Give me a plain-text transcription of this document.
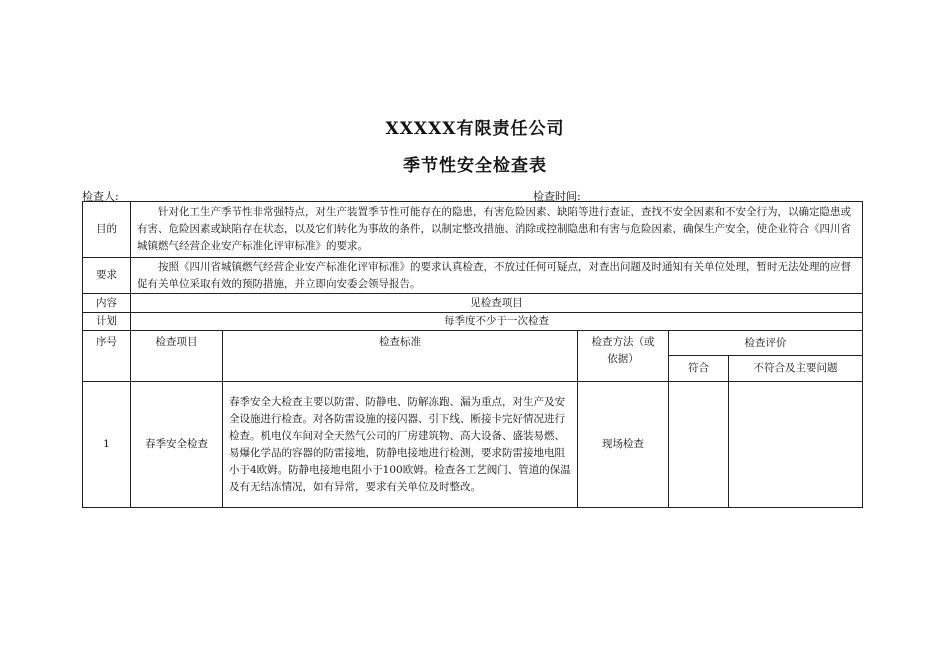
XXXXX有限责任公司
季节性安全检查表
检查人:	检查时间:
目的	针对化工生产季节性非常强特点，对生产装置季节性可能存在的隐患，有害危险因素、缺陷等进行查证，查找不安全因素和不安全行为，以确定隐患或有害、危险因素或缺陷存在状态，以及它们转化为事故的条件，以制定整改措施、消除或控制隐患和有害与危险因素，确保生产安全，使企业符合《四川省城镇燃气经营企业安产标准化评审标准》的要求。				
要求	按照《四川省城镇燃气经营企业安产标准化评审标准》的要求认真检查，不放过任何可疑点，对查出问题及时通知有关单位处理，暂时无法处理的应督促有关单位采取有效的预防措施，并立即向安委会领导报告。				
内容	见检查项目				
计划	每季度不少于一次检查				
序号	检查项目	检查标准	检查方法（或依据）	检查评价	
				符合	不符合及主要问题
1	春季安全检查	春季安全大检查主要以防雷、防静电、防解冻跑、漏为重点，对生产及安全设施进行检查。对各防雷设施的接闪器、引下线、断接卡完好情况进行检查。机电仪车间对全天然气公司的厂房建筑物、高大设备、盛装易燃、易爆化学品的容器的防雷接地，防静电接地进行检测，要求防雷接地电阻小于4欧姆。防静电接地电阻小于100欧姆。检查各工艺阀门、管道的保温及有无结冻情况，如有异常，要求有关单位及时整改。	现场检查		
